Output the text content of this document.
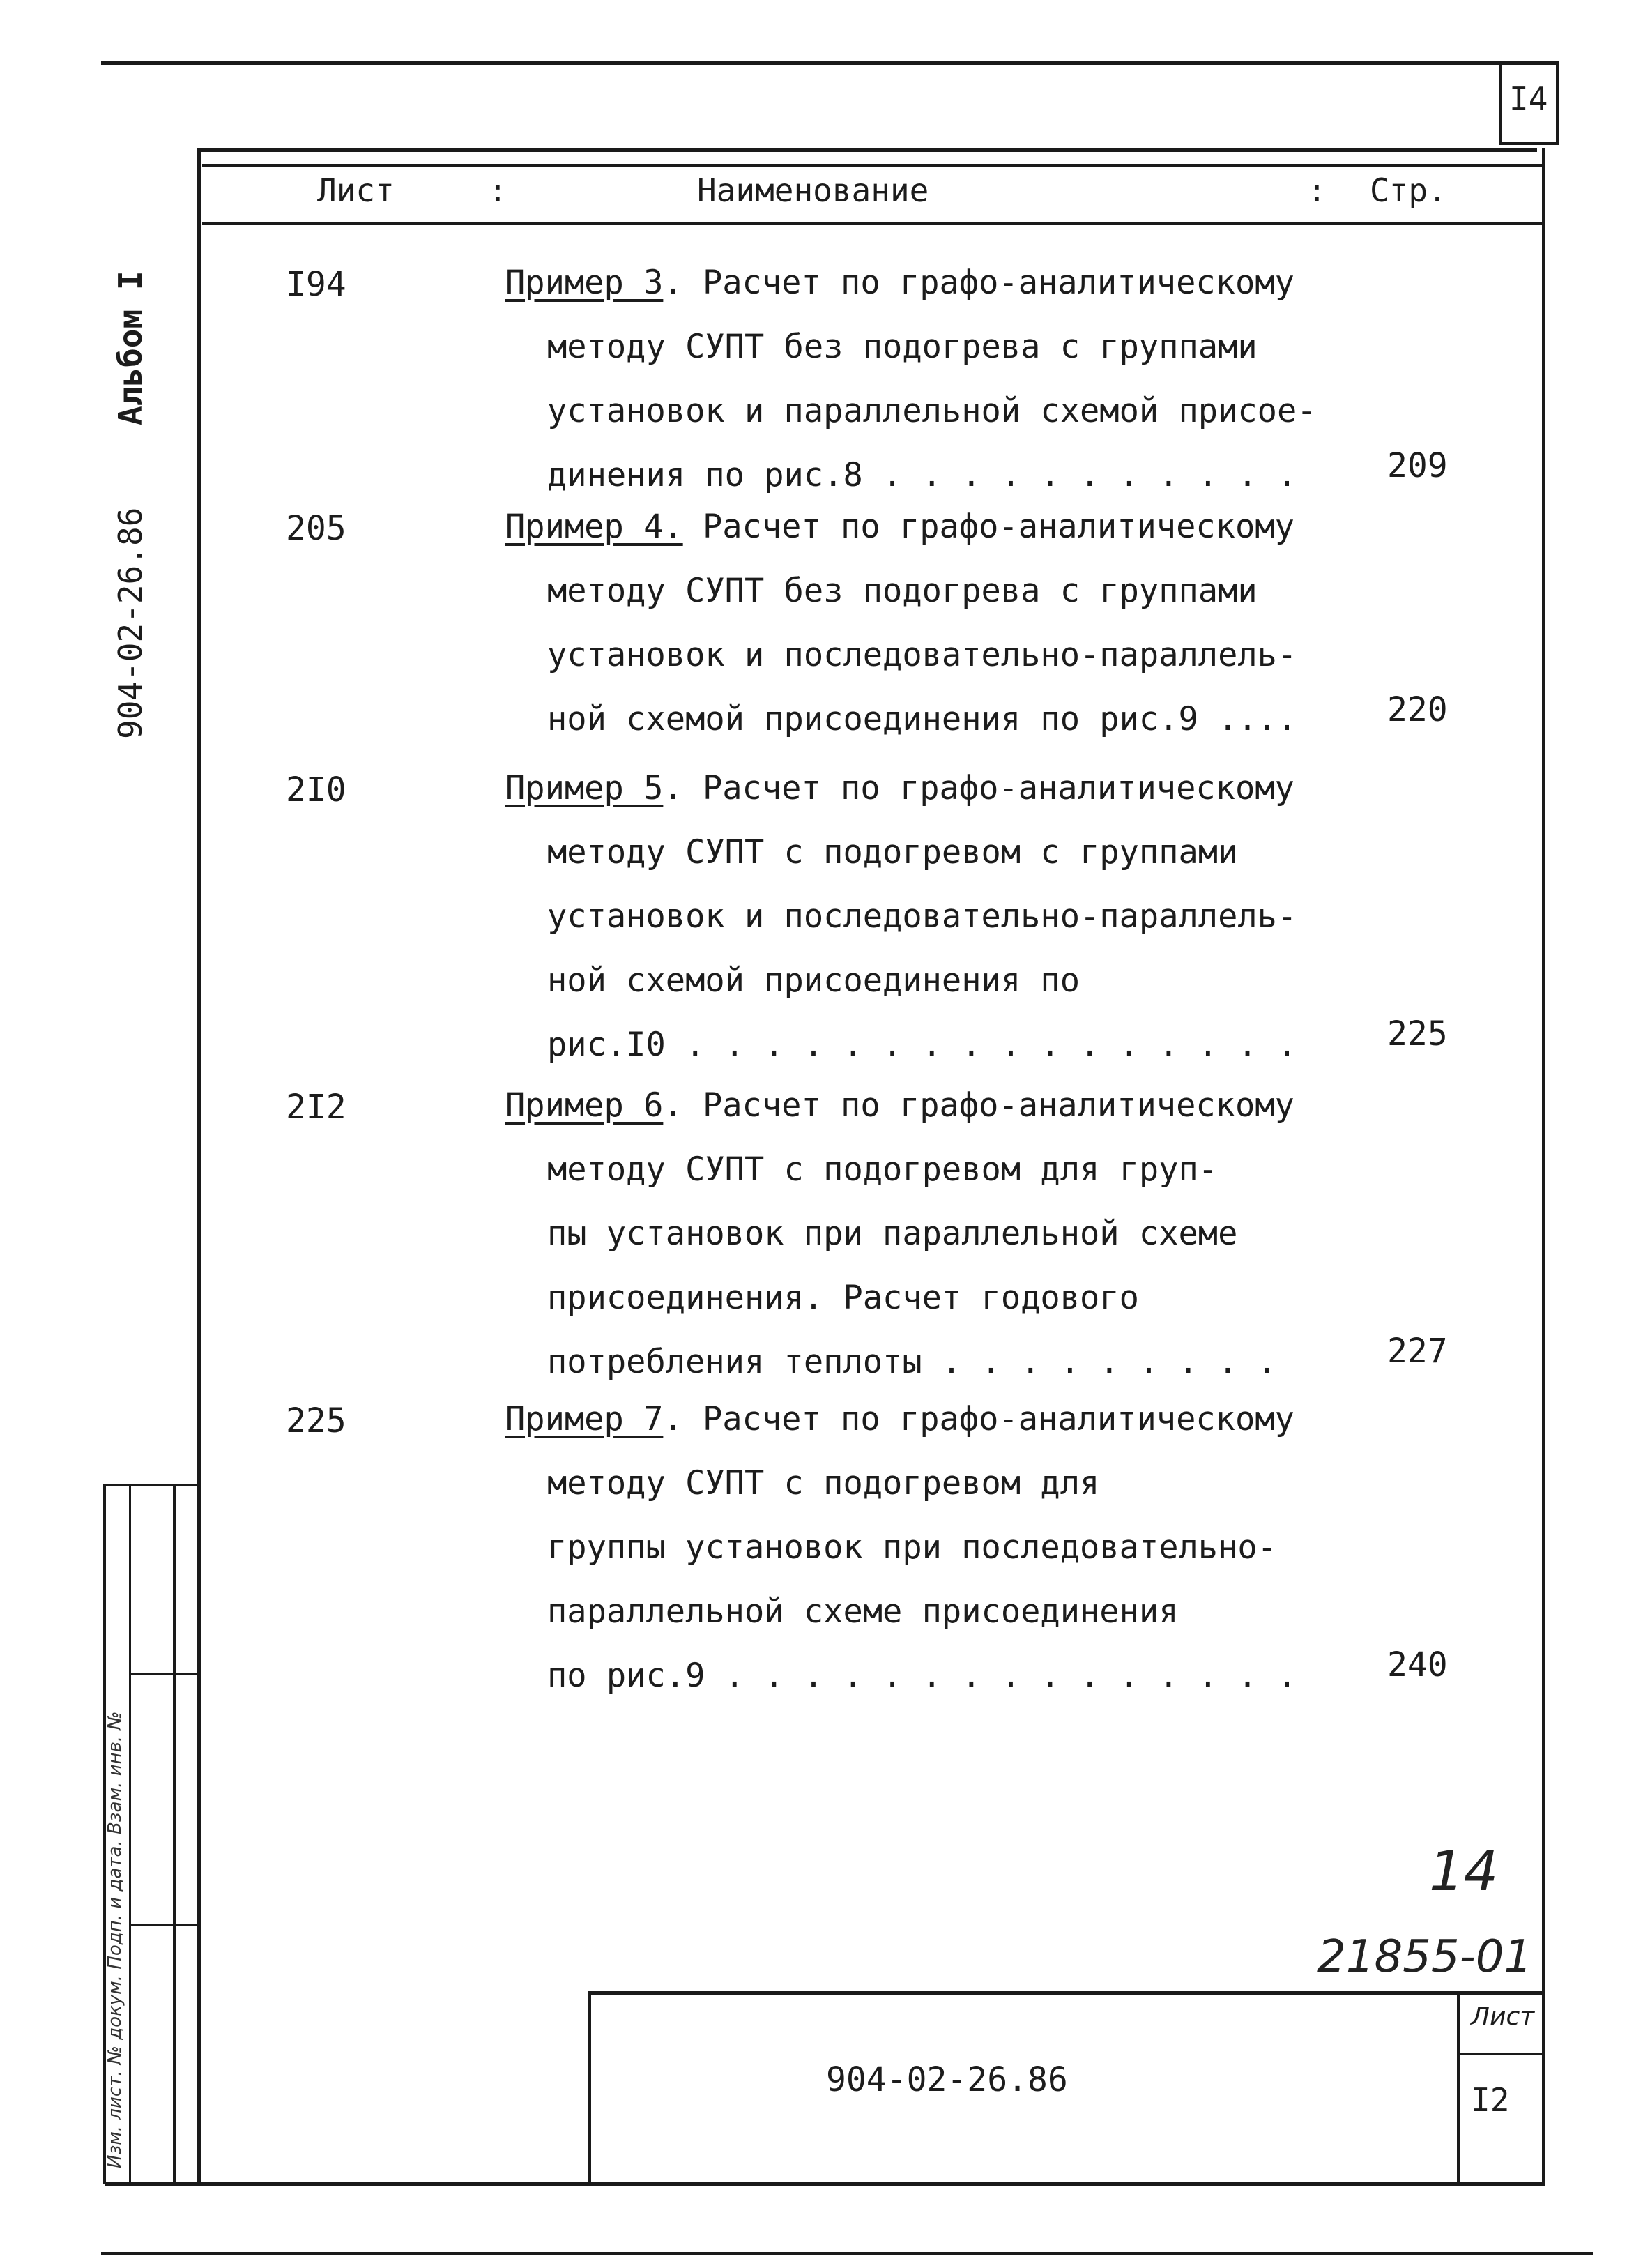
I4
Альбом I
904-02-26.86
Изм. лист. № докум. Подп. и дата. Взам. инв. №
Лист	:	Наименование	: Стр.
I94	Пример 3. Расчет по графо-аналитическому
методу СУПТ без подогрева с группами
установок и параллельной схемой присое-
динения по рис.8 . . . . . . . . . . .	209
205	Пример 4. Расчет по графо-аналитическому
методу СУПТ без подогрева с группами
установок и последовательно-параллель-
ной схемой присоединения по рис.9 ....	220
2I0	Пример 5. Расчет по графо-аналитическому
методу СУПТ с подогревом с группами
установок и последовательно-параллель-
ной схемой присоединения по
рис.I0 . . . . . . . . . . . . . . . .	225
2I2	Пример 6. Расчет по графо-аналитическому
методу СУПТ с подогревом для груп-
пы установок при параллельной схеме
присоединения. Расчет годового
потребления теплоты . . . . . . . . .	227
225	Пример 7. Расчет по графо-аналитическому
методу СУПТ с подогревом для
группы установок при последовательно-
параллельной схеме присоединения
по рис.9 . . . . . . . . . . . . . . .	240
14
21855-01
904-02-26.86
Лист
I2
